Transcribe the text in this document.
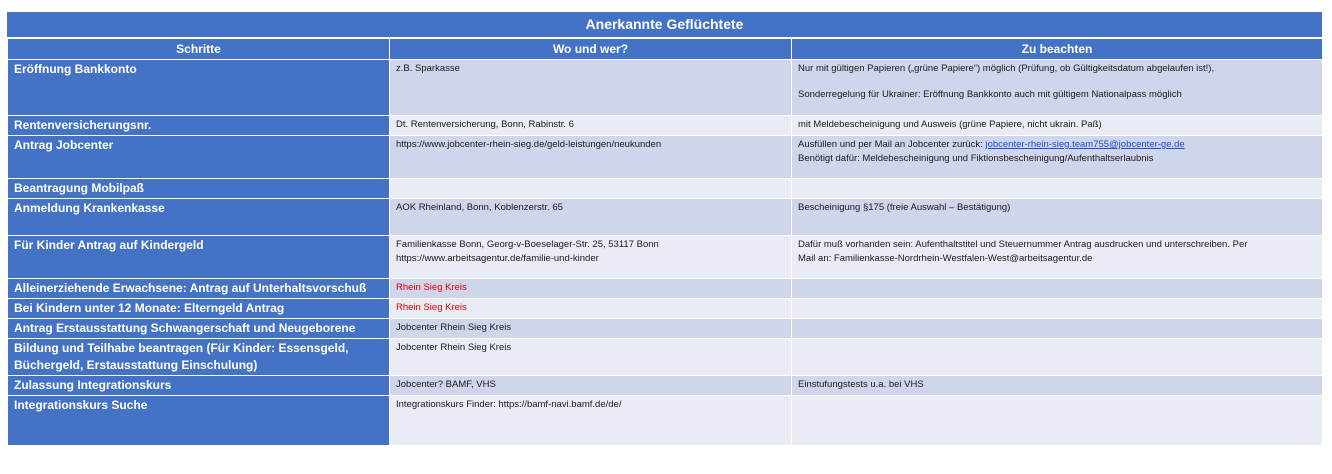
Anerkannte Geflüchtete
Schritte	Wo und wer?	Zu beachten
Eröffnung Bankkonto	z.B. Sparkasse	Nur mit gültigen Papieren („grüne Papiere“) möglich (Prüfung, ob Gültigkeitsdatum abgelaufen ist!),
Sonderregelung für Ukrainer: Eröffnung Bankkonto auch mit gültigem Nationalpass möglich

Rentenversicherungsnr.	Dt. Rentenversicherung, Bonn, Rabinstr. 6	mit Meldebescheinigung und Ausweis (grüne Papiere, nicht ukrain. Paß)
Antrag Jobcenter	https://www.jobcenter-rhein-sieg.de/geld-leistungen/neukunden	Ausfüllen und per Mail an Jobcenter zurück: jobcenter-rhein-sieg.team755@jobcenter-ge.de
Benötigt dafür: Meldebescheinigung und Fiktionsbescheinigung/Aufenthaltserlaubnis
Beantragung Mobilpaß		
Anmeldung Krankenkasse	AOK Rheinland, Bonn, Koblenzerstr. 65	Bescheinigung §175 (freie Auswahl – Bestätigung)
Für Kinder Antrag auf Kindergeld	Familienkasse Bonn, Georg-v-Boeselager-Str. 25, 53117 Bonn
https://www.arbeitsagentur.de/familie-und-kinder	Dafür muß vorhanden sein: Aufenthaltstitel und Steuernummer Antrag ausdrucken und unterschreiben. Per
Mail an: Familienkasse-Nordrhein-Westfalen-West@arbeitsagentur.de
Alleinerziehende Erwachsene: Antrag auf Unterhaltsvorschuß	Rhein Sieg Kreis	
Bei Kindern unter 12 Monate: Elterngeld Antrag	Rhein Sieg Kreis	
Antrag Erstausstattung Schwangerschaft und Neugeborene	Jobcenter Rhein Sieg Kreis	
Bildung und Teilhabe beantragen (Für Kinder: Essensgeld, Büchergeld, Erstausstattung Einschulung)	Jobcenter Rhein Sieg Kreis	
Zulassung Integrationskurs	Jobcenter? BAMF, VHS	Einstufungstests u.a. bei VHS
Integrationskurs Suche	Integrationskurs Finder: https://bamf-navi.bamf.de/de/	
